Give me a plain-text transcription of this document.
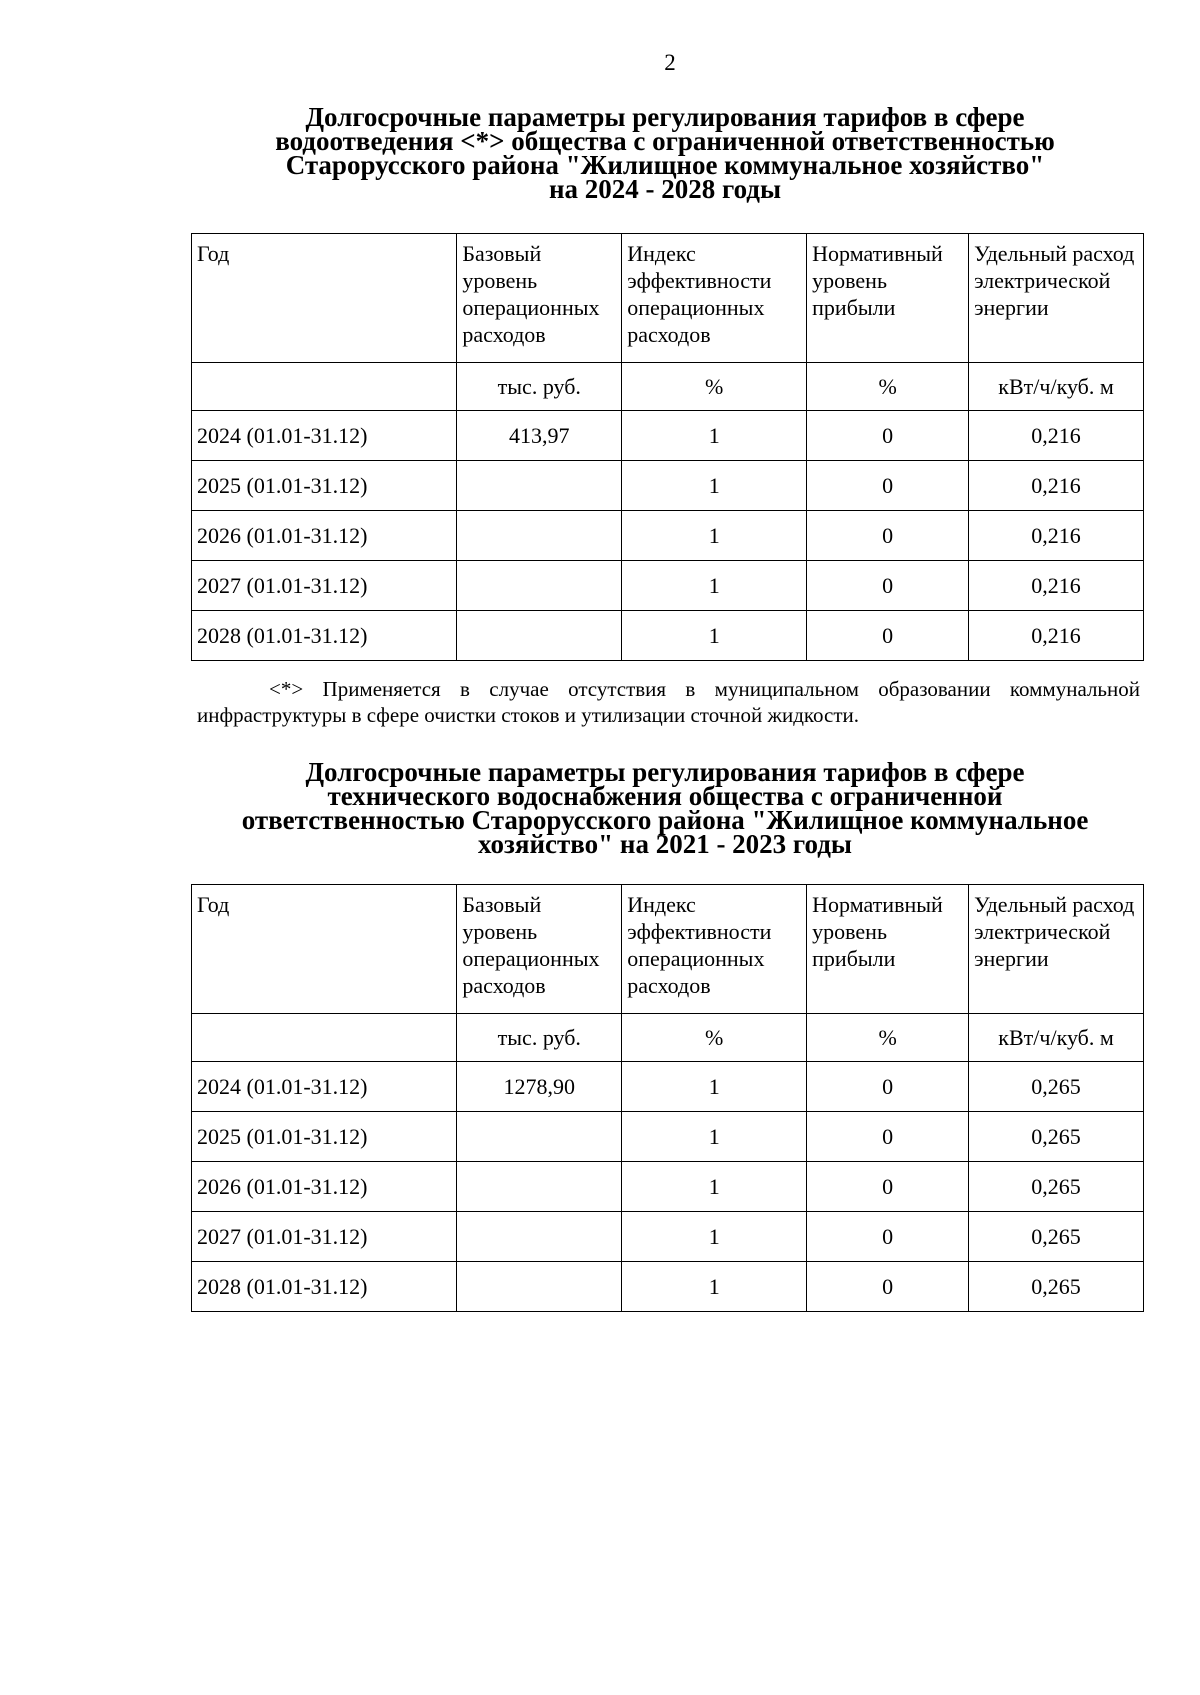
2
Долгосрочные параметры регулирования тарифов в сфере
водоотведения <*> общества с ограниченной ответственностью
Старорусского района "Жилищное коммунальное хозяйство"
на 2024 - 2028 годы
Год	Базовый уровень операционных расходов	Индекс эффективности операционных расходов	Нормативный уровень прибыли	Удельный расход электрической энергии
	тыс. руб.	%	%	кВт/ч/куб. м
2024 (01.01-31.12)	413,97	1	0	0,216
2025 (01.01-31.12)		1	0	0,216
2026 (01.01-31.12)		1	0	0,216
2027 (01.01-31.12)		1	0	0,216
2028 (01.01-31.12)		1	0	0,216

<*> Применяется в случае отсутствия в муниципальном образовании коммунальной инфраструктуры в сфере очистки стоков и утилизации сточной жидкости.

Долгосрочные параметры регулирования тарифов в сфере
технического водоснабжения общества с ограниченной
ответственностью Старорусского района "Жилищное коммунальное
хозяйство" на 2021 - 2023 годы
Год	Базовый уровень операционных расходов	Индекс эффективности операционных расходов	Нормативный уровень прибыли	Удельный расход электрической энергии
	тыс. руб.	%	%	кВт/ч/куб. м
2024 (01.01-31.12)	1278,90	1	0	0,265
2025 (01.01-31.12)		1	0	0,265
2026 (01.01-31.12)		1	0	0,265
2027 (01.01-31.12)		1	0	0,265
2028 (01.01-31.12)		1	0	0,265
